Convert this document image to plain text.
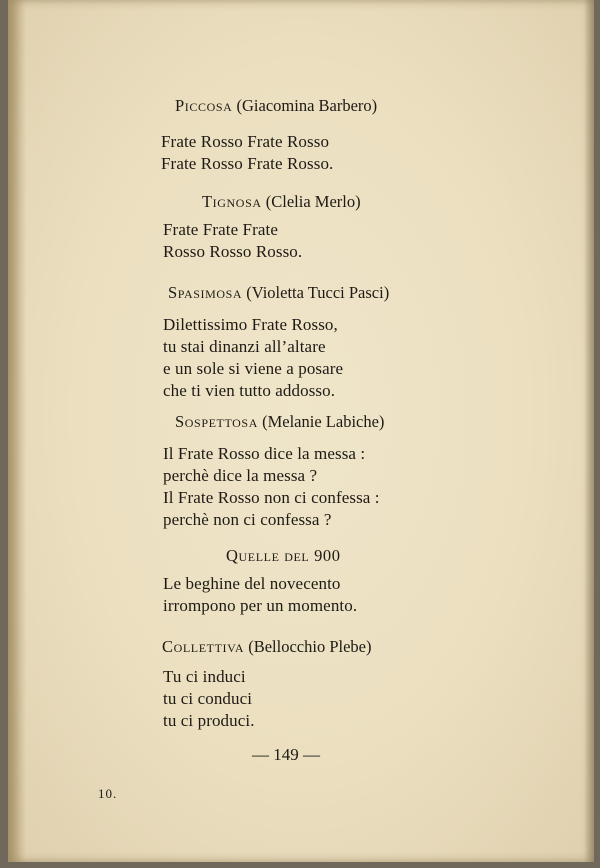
Piccosa (Giacomina Barbero)
Frate Rosso Frate Rosso
Frate Rosso Frate Rosso.
Tignosa (Clelia Merlo)
Frate Frate Frate
Rosso Rosso Rosso.
Spasimosa (Violetta Tucci Pasci)
Dilettissimo Frate Rosso,
tu stai dinanzi all’altare
e un sole si viene a posare
che ti vien tutto addosso.
Sospettosa (Melanie Labiche)
Il Frate Rosso dice la messa :
perchè dice la messa ?
Il Frate Rosso non ci confessa :
perchè non ci confessa ?
Quelle del 900
Le beghine del novecento
irrompono per un momento.
Collettiva (Bellocchio Plebe)
Tu ci induci
tu ci conduci
tu ci produci.
— 149 —
10.
